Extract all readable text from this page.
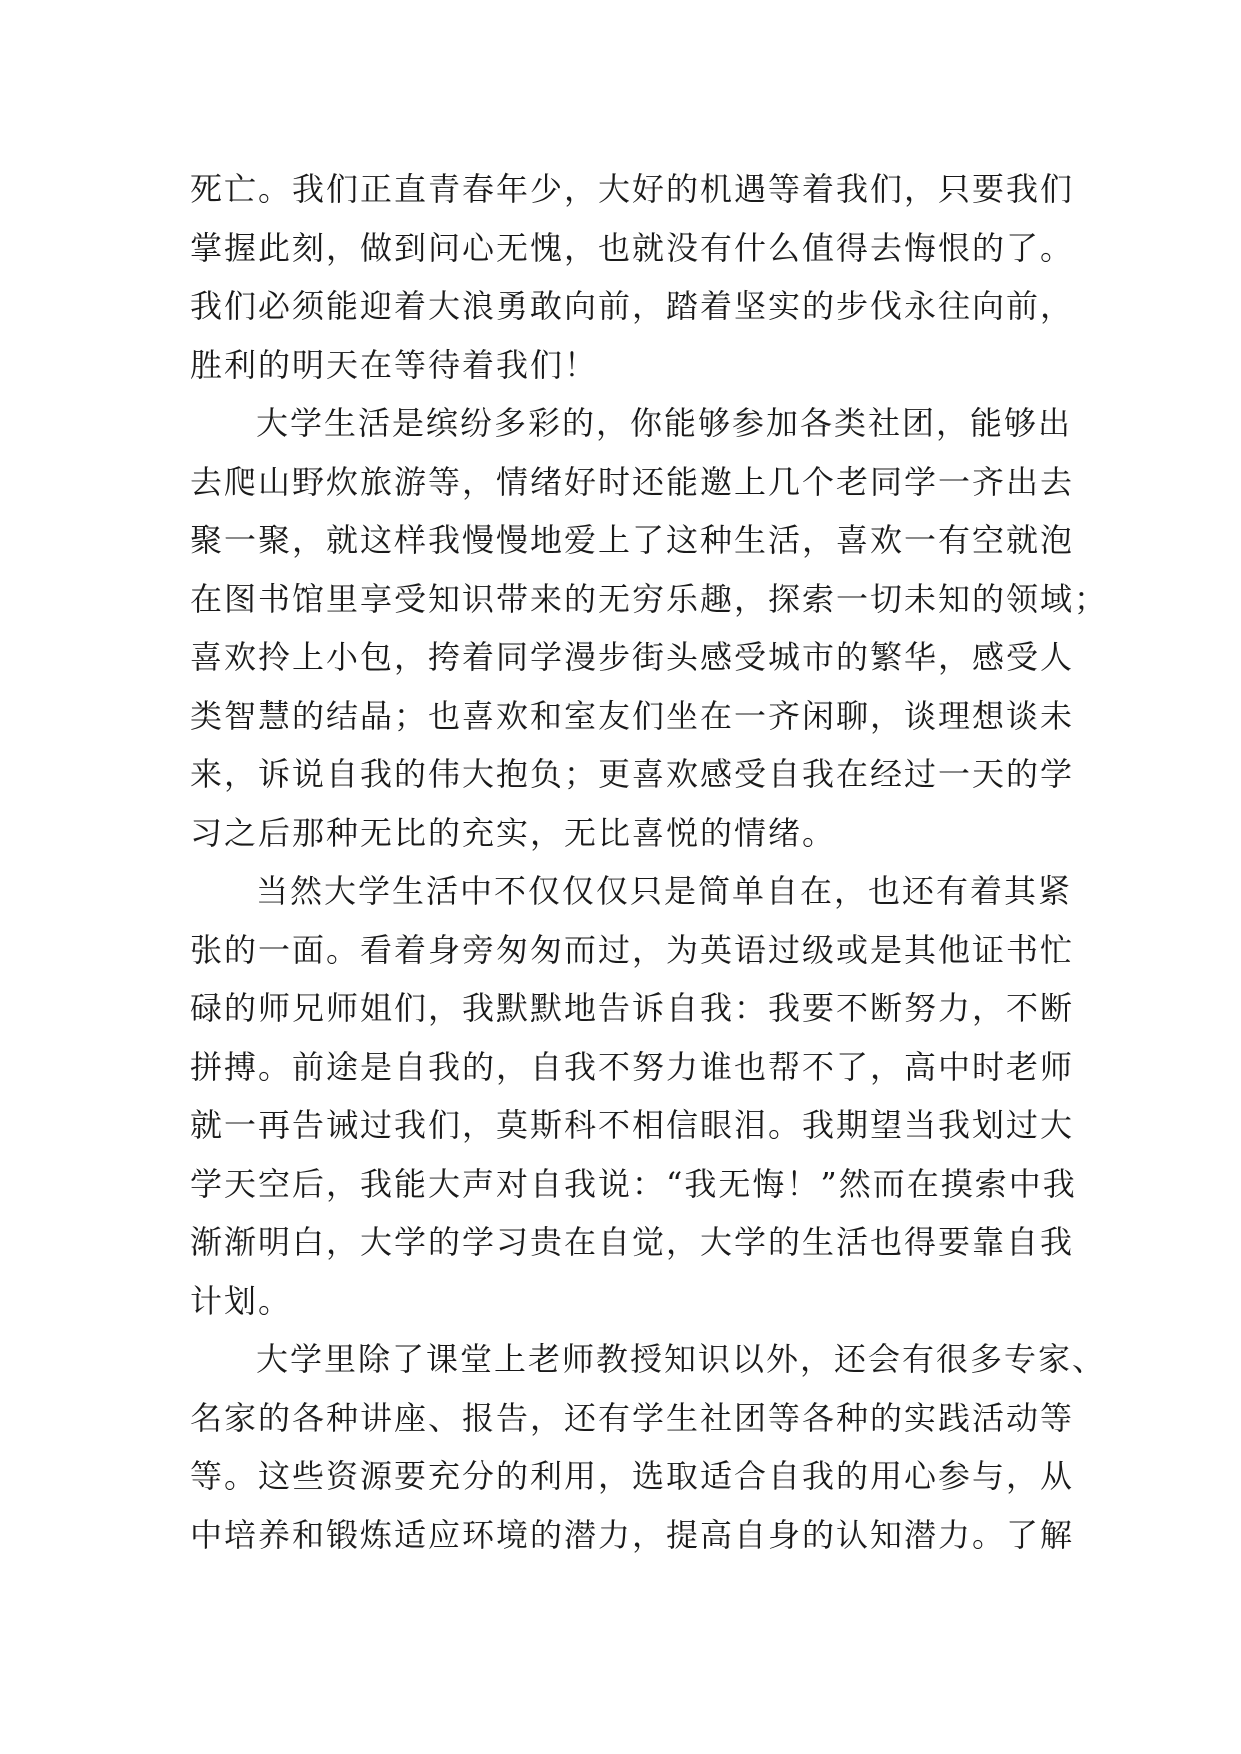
死亡。我们正直青春年少，大好的机遇等着我们，只要我们
掌握此刻，做到问心无愧，也就没有什么值得去悔恨的了。
我们必须能迎着大浪勇敢向前，踏着坚实的步伐永往向前，
胜利的明天在等待着我们！
大学生活是缤纷多彩的，你能够参加各类社团，能够出
去爬山野炊旅游等，情绪好时还能邀上几个老同学一齐出去
聚一聚，就这样我慢慢地爱上了这种生活，喜欢一有空就泡
在图书馆里享受知识带来的无穷乐趣，探索一切未知的领域；
喜欢拎上小包，挎着同学漫步街头感受城市的繁华，感受人
类智慧的结晶；也喜欢和室友们坐在一齐闲聊，谈理想谈未
来，诉说自我的伟大抱负；更喜欢感受自我在经过一天的学
习之后那种无比的充实，无比喜悦的情绪。
当然大学生活中不仅仅仅只是简单自在，也还有着其紧
张的一面。看着身旁匆匆而过，为英语过级或是其他证书忙
碌的师兄师姐们，我默默地告诉自我：我要不断努力，不断
拼搏。前途是自我的，自我不努力谁也帮不了，高中时老师
就一再告诫过我们，莫斯科不相信眼泪。我期望当我划过大
学天空后，我能大声对自我说：“我无悔！”然而在摸索中我
渐渐明白，大学的学习贵在自觉，大学的生活也得要靠自我
计划。
大学里除了课堂上老师教授知识以外，还会有很多专家、
名家的各种讲座、报告，还有学生社团等各种的实践活动等
等。这些资源要充分的利用，选取适合自我的用心参与，从
中培养和锻炼适应环境的潜力，提高自身的认知潜力。了解
